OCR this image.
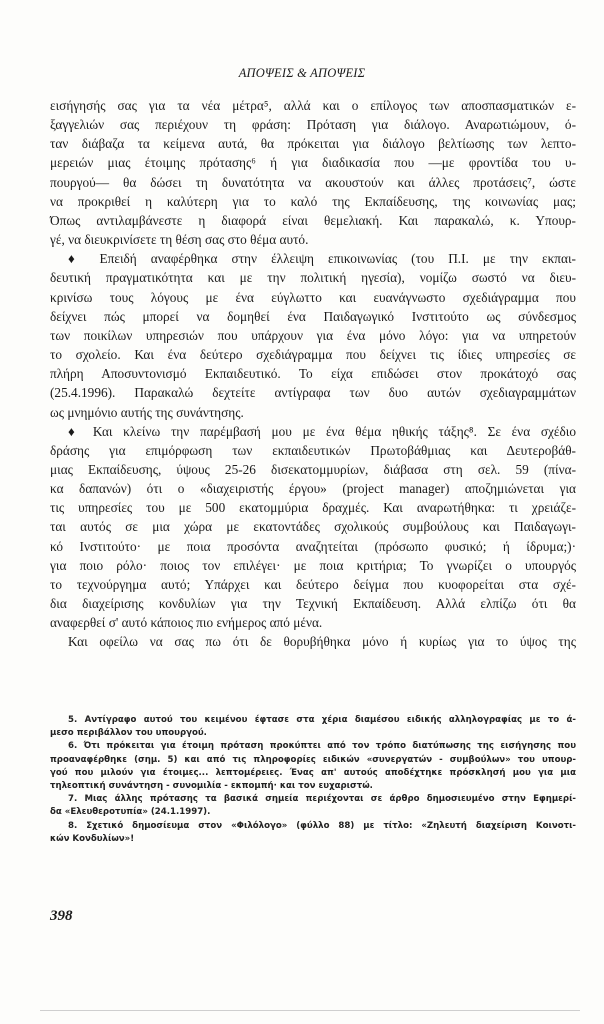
ΑΠΟΨΕΙΣ & ΑΠΟΨΕΙΣ

εισήγησής σας για τα νέα μέτρα⁵, αλλά και ο επίλογος των αποσπασματικών ε-
ξαγγελιών σας περιέχουν τη φράση: Πρόταση για διάλογο. Αναρωτιώμουν, ό-
ταν διάβαζα τα κείμενα αυτά, θα πρόκειται για διάλογο βελτίωσης των λεπτο-
μερειών μιας έτοιμης πρότασης⁶ ή για διαδικασία που —με φροντίδα του υ-
πουργού— θα δώσει τη δυνατότητα να ακουστούν και άλλες προτάσεις⁷, ώστε
να προκριθεί η καλύτερη για το καλό της Εκπαίδευσης, της κοινωνίας μας;
Όπως αντιλαμβάνεστε η διαφορά είναι θεμελιακή. Και παρακαλώ, κ. Υπουρ-
γέ, να διευκρινίσετε τη θέση σας στο θέμα αυτό.

♦ Επειδή αναφέρθηκα στην έλλειψη επικοινωνίας (του Π.Ι. με την εκπαι-

δευτική πραγματικότητα και με την πολιτική ηγεσία), νομίζω σωστό να διευ-
κρινίσω τους λόγους με ένα εύγλωττο και ευανάγνωστο σχεδιάγραμμα που
δείχνει πώς μπορεί να δομηθεί ένα Παιδαγωγικό Ινστιτούτο ως σύνδεσμος
των ποικίλων υπηρεσιών που υπάρχουν για ένα μόνο λόγο: για να υπηρετούν
το σχολείο. Και ένα δεύτερο σχεδιάγραμμα που δείχνει τις ίδιες υπηρεσίες σε
πλήρη Αποσυντονισμό Εκπαιδευτικό. Το είχα επιδώσει στον προκάτοχό σας
(25.4.1996). Παρακαλώ δεχτείτε αντίγραφα των δυο αυτών σχεδιαγραμμάτων
ως μνημόνιο αυτής της συνάντησης.

♦ Και κλείνω την παρέμβασή μου με ένα θέμα ηθικής τάξης⁸. Σε ένα σχέδιο

δράσης για επιμόρφωση των εκπαιδευτικών Πρωτοβάθμιας και Δευτεροβάθ-
μιας Εκπαίδευσης, ύψους 25-26 δισεκατομμυρίων, διάβασα στη σελ. 59 (πίνα-
κα δαπανών) ότι ο «διαχειριστής έργου» (project manager) αποζημιώνεται για
τις υπηρεσίες του με 500 εκατομμύρια δραχμές. Και αναρωτήθηκα: τι χρειάζε-
ται αυτός σε μια χώρα με εκατοντάδες σχολικούς συμβούλους και Παιδαγωγι-
κό Ινστιτούτο· με ποια προσόντα αναζητείται (πρόσωπο φυσικό; ή ίδρυμα;)·
για ποιο ρόλο· ποιος τον επιλέγει· με ποια κριτήρια; Το γνωρίζει ο υπουργός
το τεχνούργημα αυτό; Υπάρχει και δεύτερο δείγμα που κυοφορείται στα σχέ-
δια διαχείρισης κονδυλίων για την Τεχνική Εκπαίδευση. Αλλά ελπίζω ότι θα
αναφερθεί σ' αυτό κάποιος πιο ενήμερος από μένα.

Και οφείλω να σας πω ότι δε θορυβήθηκα μόνο ή κυρίως για το ύψος της

5. Αντίγραφο αυτού του κειμένου έφτασε στα χέρια διαμέσου ειδικής αλληλογραφίας με το ά-
μεσο περιβάλλον του υπουργού.
6. Ότι πρόκειται για έτοιμη πρόταση προκύπτει από τον τρόπο διατύπωσης της εισήγησης που
προαναφέρθηκε (σημ. 5) και από τις πληροφορίες ειδικών «συνεργατών - συμβούλων» του υπουρ-
γού που μιλούν για έτοιμες... λεπτομέρειες. Ένας απ' αυτούς αποδέχτηκε πρόσκλησή μου για μια
τηλεοπτική συνάντηση - συνομιλία - εκπομπή· και τον ευχαριστώ.
7. Μιας άλλης πρότασης τα βασικά σημεία περιέχονται σε άρθρο δημοσιευμένο στην Εφημερί-
δα «Ελευθεροτυπία» (24.1.1997).
8. Σχετικό δημοσίευμα στον «Φιλόλογο» (φύλλο 88) με τίτλο: «Ζηλευτή διαχείριση Κοινοτι-
κών Κονδυλίων»!
398
